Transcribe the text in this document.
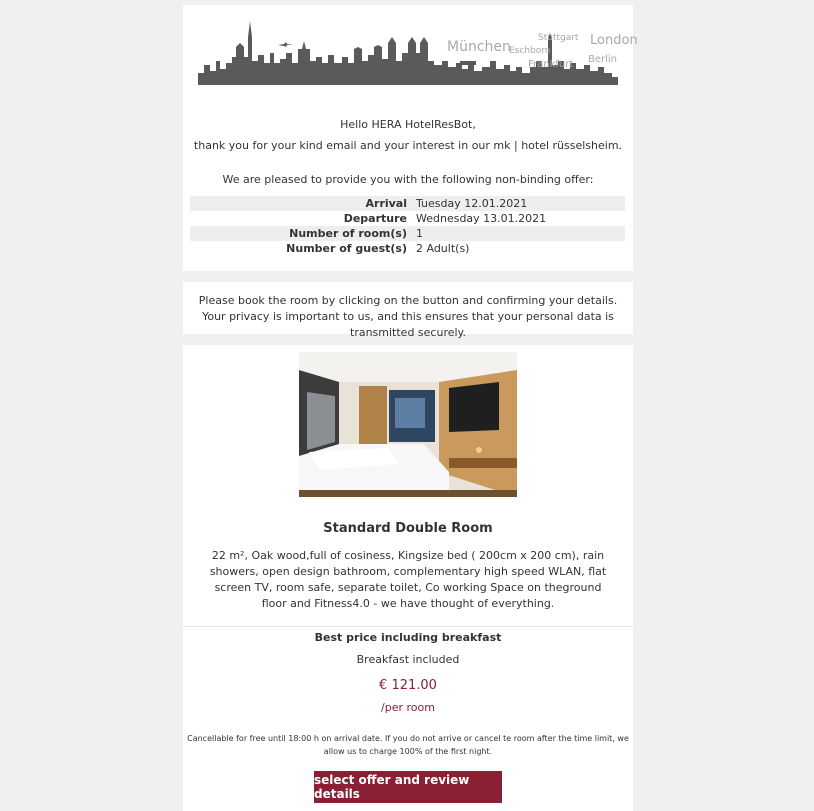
München
Stuttgart London
Eschborn
Frankfurt Berlin
Hello HERA HotelResBot,
thank you for your kind email and your interest in our mk | hotel rüsselsheim.
We are pleased to provide you with the following non-binding offer:
Arrival	Tuesday 12.01.2021
Departure	Wednesday 13.01.2021
Number of room(s)	1
Number of guest(s)	2 Adult(s)
Please book the room by clicking on the button and confirming your details. Your privacy is important to us, and this ensures that your personal data is transmitted securely.
Standard Double Room
22 m², Oak wood,full of cosiness, Kingsize bed ( 200cm x 200 cm), rain showers, open design bathroom, complementary high speed WLAN, flat screen TV, room safe, separate toilet, Co working Space on theground floor and Fitness4.0 - we have thought of everything.
Best price including breakfast
Breakfast included
€ 121.00
/per room
Cancellable for free until 18:00 h on arrival date. If you do not arrive or cancel te room after the time limit, we allow us to charge 100% of the first night.
select offer and review details
